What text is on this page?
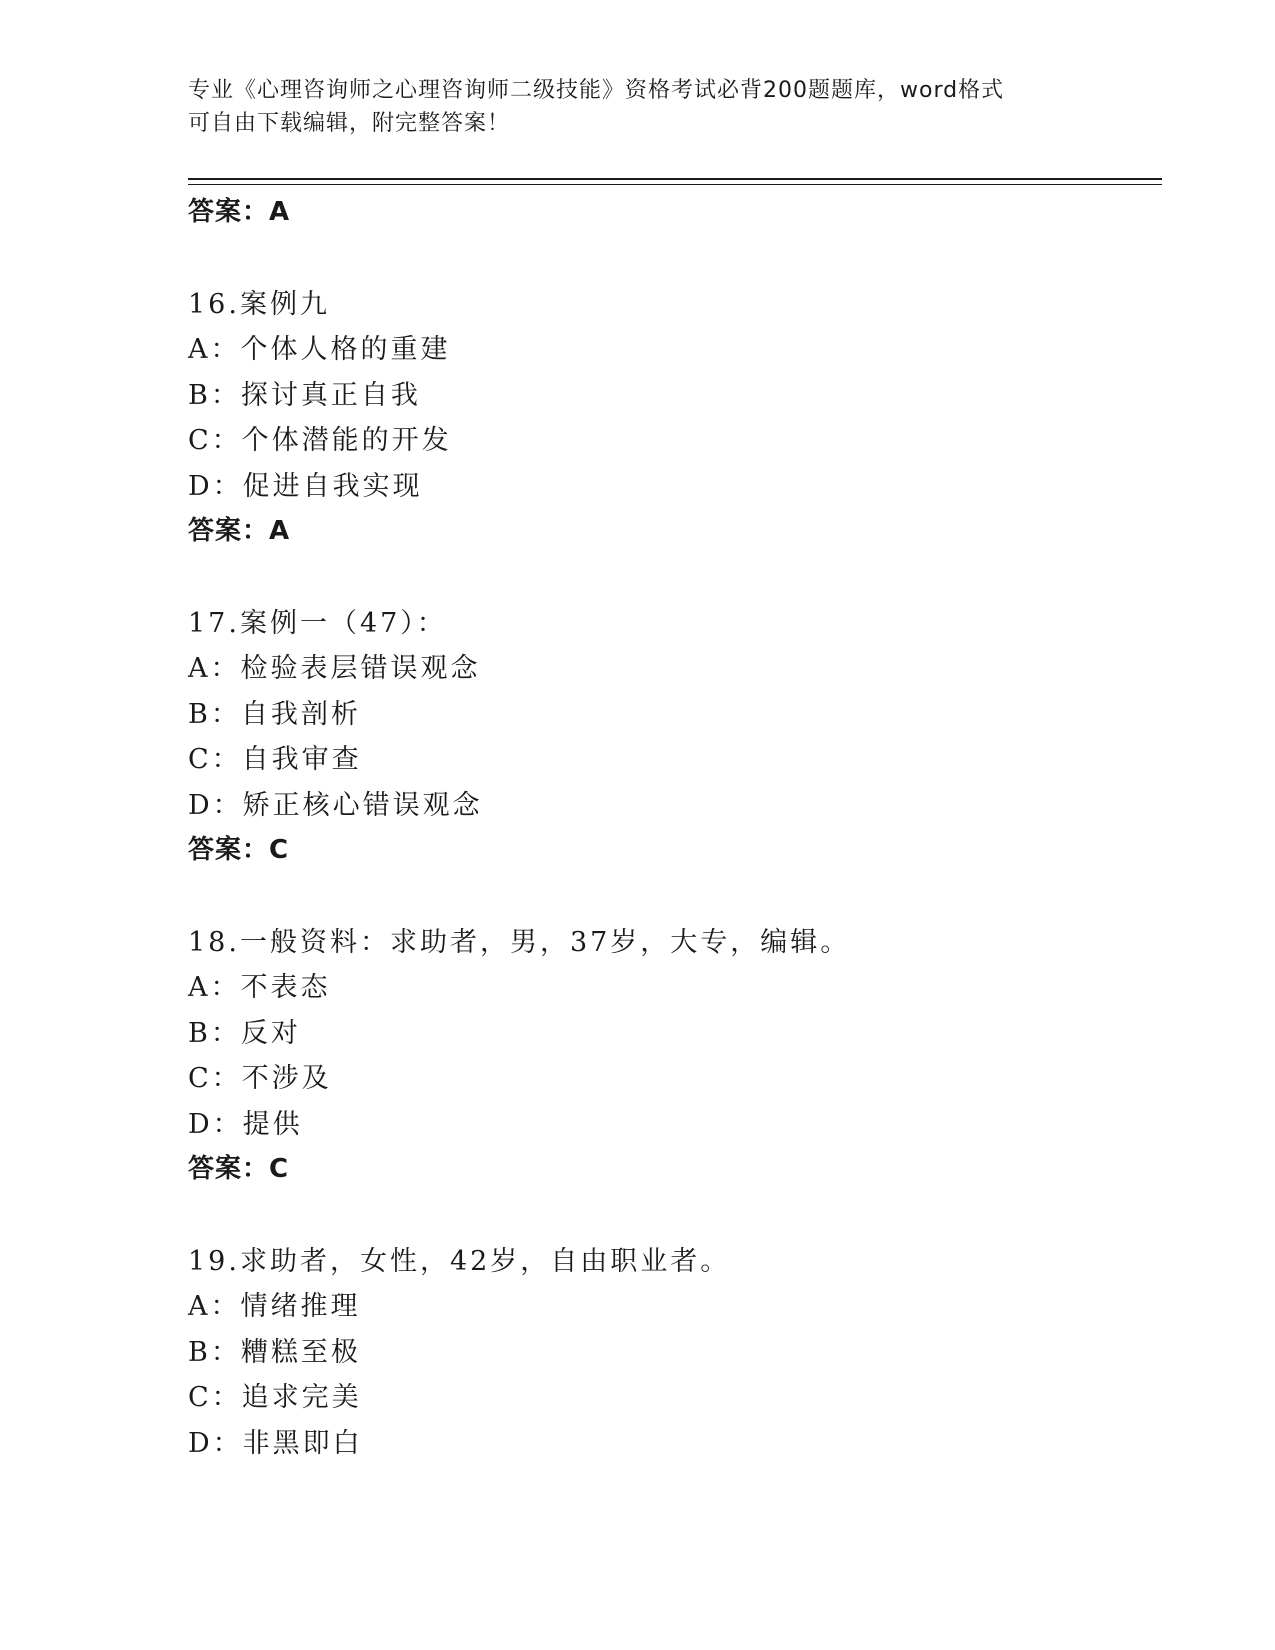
专业《心理咨询师之心理咨询师二级技能》资格考试必背200题题库，word格式
可自由下载编辑，附完整答案！
答案：A
16.案例九
A：个体人格的重建
B：探讨真正自我
C：个体潜能的开发
D：促进自我实现
答案：A
17.案例一（47）：
A：检验表层错误观念
B：自我剖析
C：自我审查
D：矫正核心错误观念
答案：C
18.一般资料：求助者，男，37岁，大专，编辑。
A：不表态
B：反对
C：不涉及
D：提供
答案：C
19.求助者，女性，42岁，自由职业者。
A：情绪推理
B：糟糕至极
C：追求完美
D：非黑即白
